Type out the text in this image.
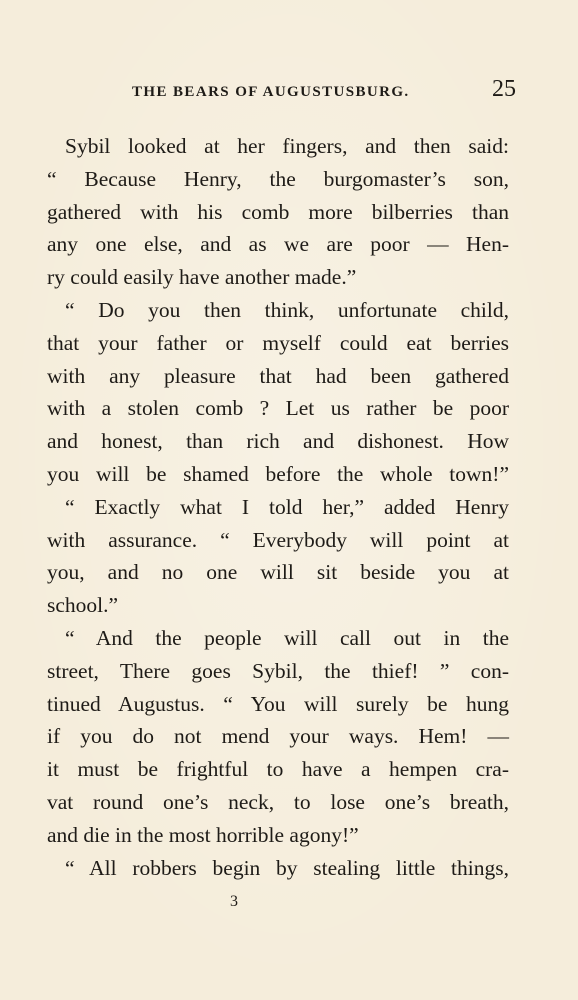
THE BEARS OF AUGUSTUSBURG.	25
Sybil looked at her fingers, and then said:
“ Because Henry, the burgomaster’s son,
gathered with his comb more bilberries than
any one else, and as we are poor — Hen-
ry could easily have another made.”
“ Do you then think, unfortunate child,
that your father or myself could eat berries
with any pleasure that had been gathered
with a stolen comb ? Let us rather be poor
and honest, than rich and dishonest. How
you will be shamed before the whole town!”
“ Exactly what I told her,” added Henry
with assurance. “ Everybody will point at
you, and no one will sit beside you at
school.”
“ And the people will call out in the
street, There goes Sybil, the thief! ” con-
tinued Augustus. “ You will surely be hung
if you do not mend your ways. Hem! —
it must be frightful to have a hempen cra-
vat round one’s neck, to lose one’s breath,
and die in the most horrible agony!”
“ All robbers begin by stealing little things,
3
